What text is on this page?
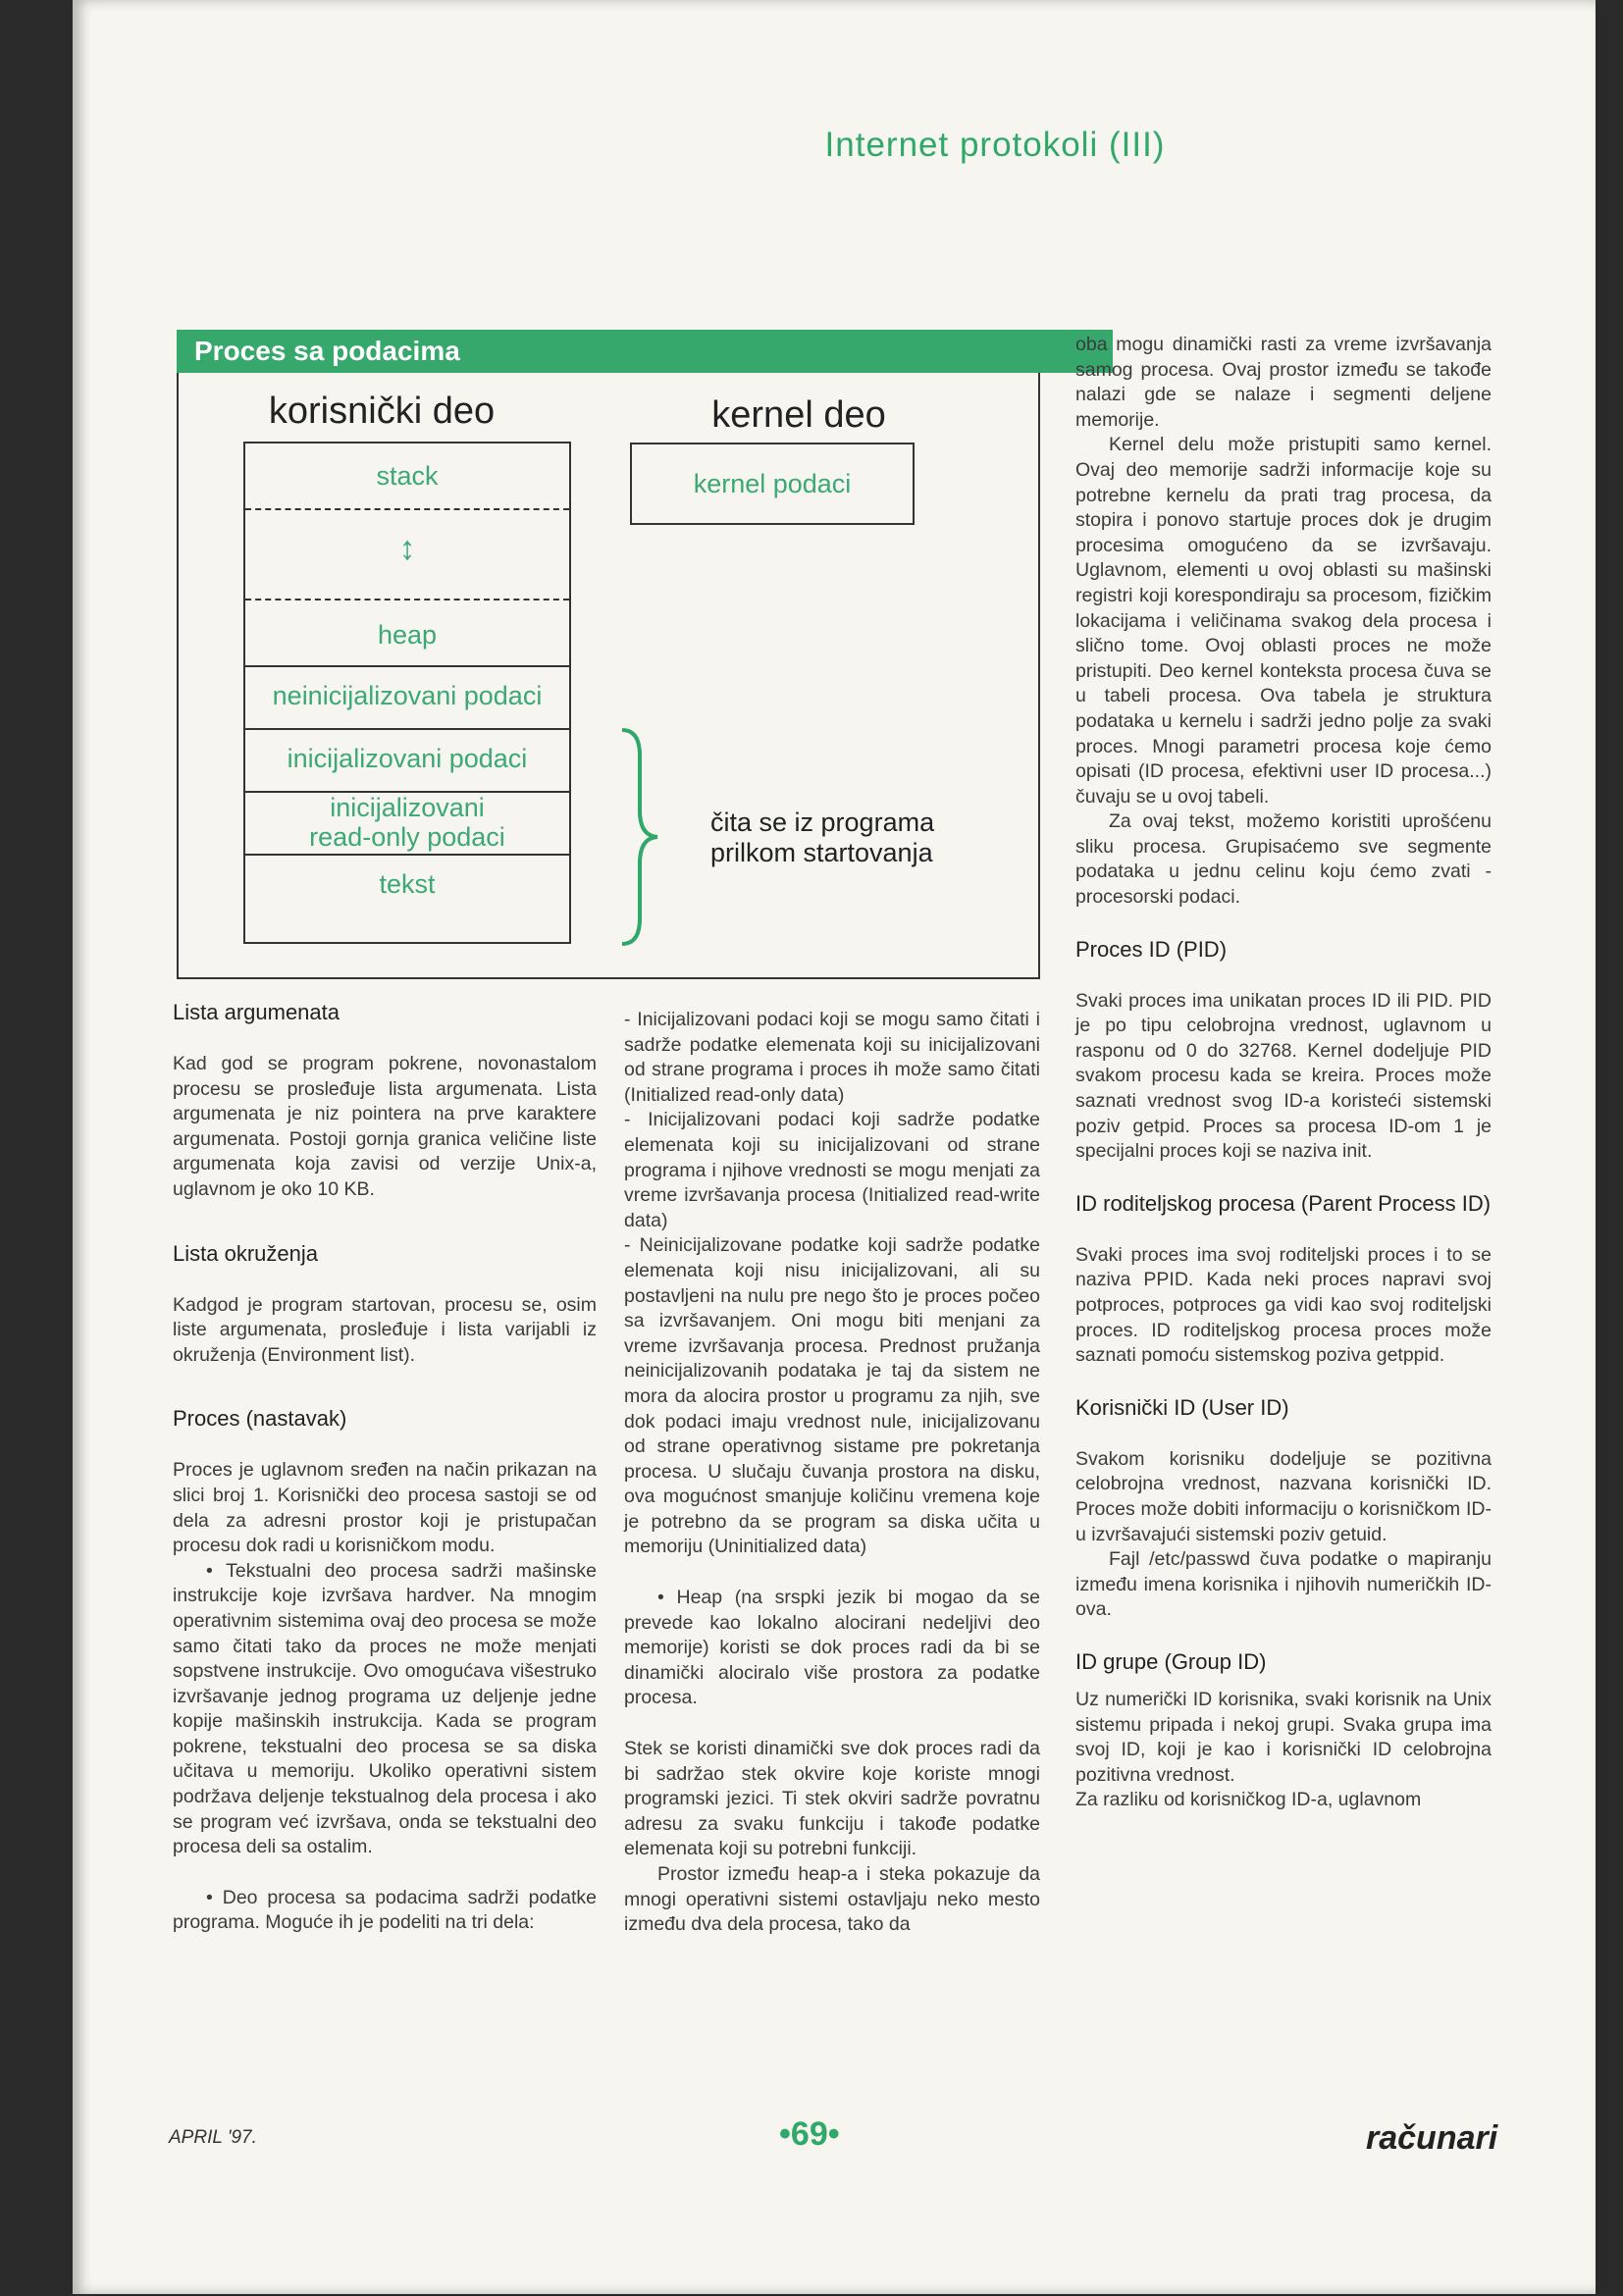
Internet protokoli (III)
Proces sa podacima
korisnički deo	kernel deo
stack
↕
heap
neinicijalizovani podaci
inicijalizovani podaci
inicijalizovani
read-only podaci
tekst
kernel podaci
čita se iz programa
prilkom startovanja
Lista argumenata

Kad god se program pokrene, novonastalom procesu se prosleđuje lista argumenata. Lista argumenata je niz pointera na prve karaktere argumenata. Postoji gornja granica veličine liste argumenata koja zavisi od verzije Unix-a, uglavnom je oko 10 KB.

Lista okruženja

Kadgod je program startovan, procesu se, osim liste argumenata, prosleđuje i lista varijabli iz okruženja (Environment list).

Proces (nastavak)

Proces je uglavnom sređen na način prikazan na slici broj 1. Korisnički deo procesa sastoji se od dela za adresni prostor koji je pristupačan procesu dok radi u korisničkom modu.

• Tekstualni deo procesa sadrži mašinske instrukcije koje izvršava hardver. Na mnogim operativnim sistemima ovaj deo procesa se može samo čitati tako da proces ne može menjati sopstvene instrukcije. Ovo omogućava višestruko izvršavanje jednog programa uz deljenje jedne kopije mašinskih instrukcija. Kada se program pokrene, tekstualni deo procesa se sa diska učitava u memoriju. Ukoliko operativni sistem podržava deljenje tekstualnog dela procesa i ako se program već izvršava, onda se tekstualni deo procesa deli sa ostalim.

• Deo procesa sa podacima sadrži podatke programa. Moguće ih je podeliti na tri dela:

- Inicijalizovani podaci koji se mogu samo čitati i sadrže podatke elemenata koji su inicijalizovani od strane programa i proces ih može samo čitati (Initialized read-only data)

- Inicijalizovani podaci koji sadrže podatke elemenata koji su inicijalizovani od strane programa i njihove vrednosti se mogu menjati za vreme izvršavanja procesa (Initialized read-write data)

- Neinicijalizovane podatke koji sadrže podatke elemenata koji nisu inicijalizovani, ali su postavljeni na nulu pre nego što je proces počeo sa izvršavanjem. Oni mogu biti menjani za vreme izvršavanja procesa. Prednost pružanja neinicijalizovanih podataka je taj da sistem ne mora da alocira prostor u programu za njih, sve dok podaci imaju vrednost nule, inicijalizovanu od strane operativnog sistame pre pokretanja procesa. U slučaju čuvanja prostora na disku, ova mogućnost smanjuje količinu vremena koje je potrebno da se program sa diska učita u memoriju (Uninitialized data)

• Heap (na srspki jezik bi mogao da se prevede kao lokalno alocirani nedeljivi deo memorije) koristi se dok proces radi da bi se dinamički alociralo više prostora za podatke procesa.

Stek se koristi dinamički sve dok proces radi da bi sadržao stek okvire koje koriste mnogi programski jezici. Ti stek okviri sadrže povratnu adresu za svaku funkciju i takođe podatke elemenata koji su potrebni funkciji.

Prostor između heap-a i steka pokazuje da mnogi operativni sistemi ostavljaju neko mesto između dva dela procesa, tako da

oba mogu dinamički rasti za vreme izvršavanja samog procesa. Ovaj prostor između se takođe nalazi gde se nalaze i segmenti deljene memorije.

Kernel delu može pristupiti samo kernel. Ovaj deo memorije sadrži informacije koje su potrebne kernelu da prati trag procesa, da stopira i ponovo startuje proces dok je drugim procesima omogućeno da se izvršavaju. Uglavnom, elementi u ovoj oblasti su mašinski registri koji korespondiraju sa procesom, fizičkim lokacijama i veličinama svakog dela procesa i slično tome. Ovoj oblasti proces ne može pristupiti. Deo kernel konteksta procesa čuva se u tabeli procesa. Ova tabela je struktura podataka u kernelu i sadrži jedno polje za svaki proces. Mnogi parametri procesa koje ćemo opisati (ID procesa, efektivni user ID procesa...) čuvaju se u ovoj tabeli.

Za ovaj tekst, možemo koristiti uprošćenu sliku procesa. Grupisaćemo sve segmente podataka u jednu celinu koju ćemo zvati - procesorski podaci.

Proces ID (PID)

Svaki proces ima unikatan proces ID ili PID. PID je po tipu celobrojna vrednost, uglavnom u rasponu od 0 do 32768. Kernel dodeljuje PID svakom procesu kada se kreira. Proces može saznati vrednost svog ID-a koristeći sistemski poziv getpid. Proces sa procesa ID-om 1 je specijalni proces koji se naziva init.

ID roditeljskog procesa (Parent Process ID)

Svaki proces ima svoj roditeljski proces i to se naziva PPID. Kada neki proces napravi svoj potproces, potproces ga vidi kao svoj roditeljski proces. ID roditeljskog procesa proces može saznati pomoću sistemskog poziva getppid.

Korisnički ID (User ID)

Svakom korisniku dodeljuje se pozitivna celobrojna vrednost, nazvana korisnički ID. Proces može dobiti informaciju o korisničkom ID-u izvršavajući sistemski poziv getuid.

Fajl /etc/passwd čuva podatke o mapiranju između imena korisnika i njihovih numeričkih ID-ova.

ID grupe (Group ID)

Uz numerički ID korisnika, svaki korisnik na Unix sistemu pripada i nekoj grupi. Svaka grupa ima svoj ID, koji je kao i korisnički ID celobrojna pozitivna vrednost.

Za razliku od korisničkog ID-a, uglavnom

APRIL '97.	•69•	računari
